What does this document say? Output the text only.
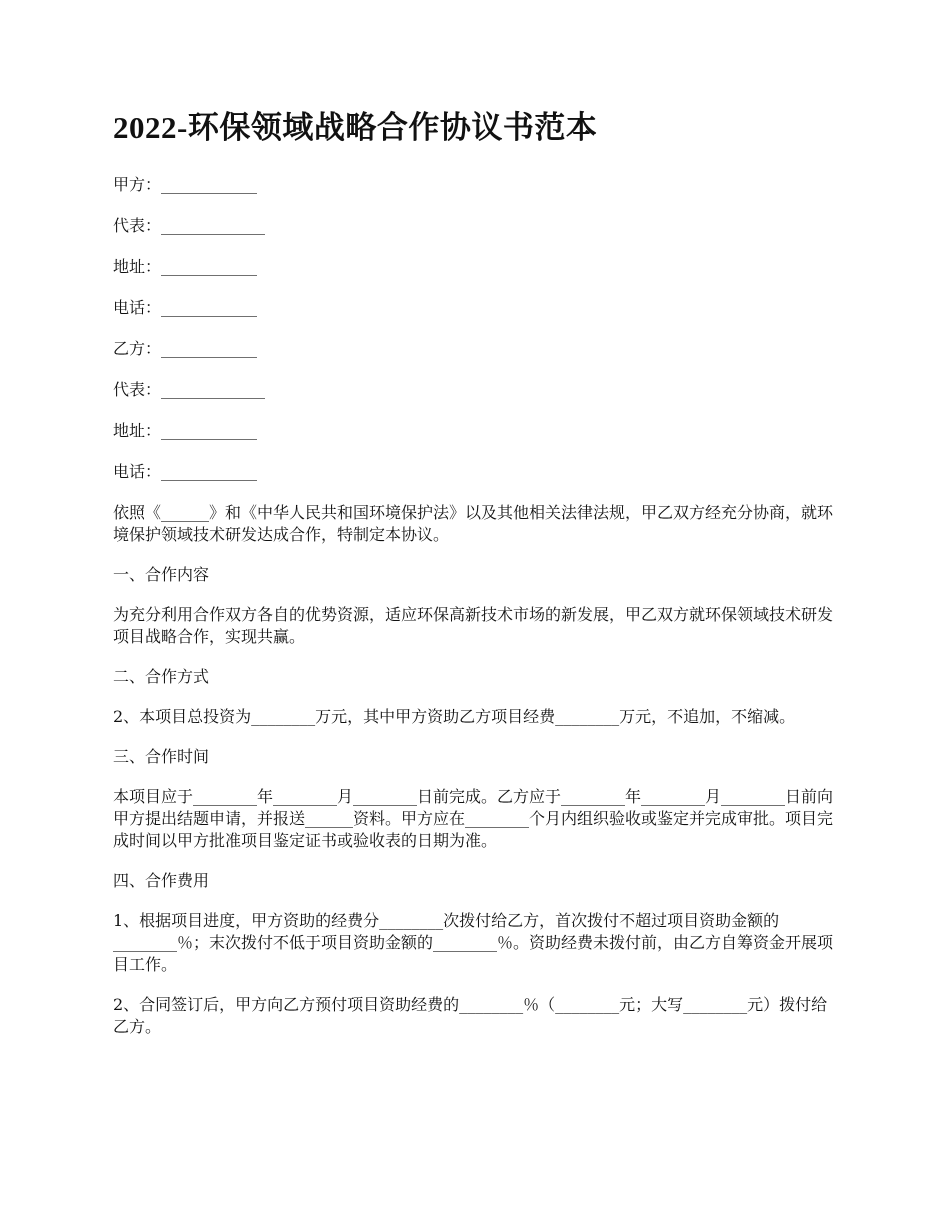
2022-环保领域战略合作协议书范本
甲方：____________
代表：_____________
地址：____________
电话：____________
乙方：____________
代表：_____________
地址：____________
电话：____________

依照《______》和《中华人民共和国环境保护法》以及其他相关法律法规，甲乙双方经充分协商，就环境保护领域技术研发达成合作，特制定本协议。

一、合作内容

为充分利用合作双方各自的优势资源，适应环保高新技术市场的新发展，甲乙双方就环保领域技术研发项目战略合作，实现共赢。

二、合作方式

2、本项目总投资为________万元，其中甲方资助乙方项目经费________万元，不追加，不缩减。

三、合作时间

本项目应于________年________月________日前完成。乙方应于________年________月________日前向甲方提出结题申请，并报送______资料。甲方应在________个月内组织验收或鉴定并完成审批。项目完成时间以甲方批准项目鉴定证书或验收表的日期为准。

四、合作费用

1、根据项目进度，甲方资助的经费分________次拨付给乙方，首次拨付不超过项目资助金额的________％；末次拨付不低于项目资助金额的________％。资助经费未拨付前，由乙方自筹资金开展项目工作。

2、合同签订后，甲方向乙方预付项目资助经费的________％（________元；大写________元）拨付给乙方。
